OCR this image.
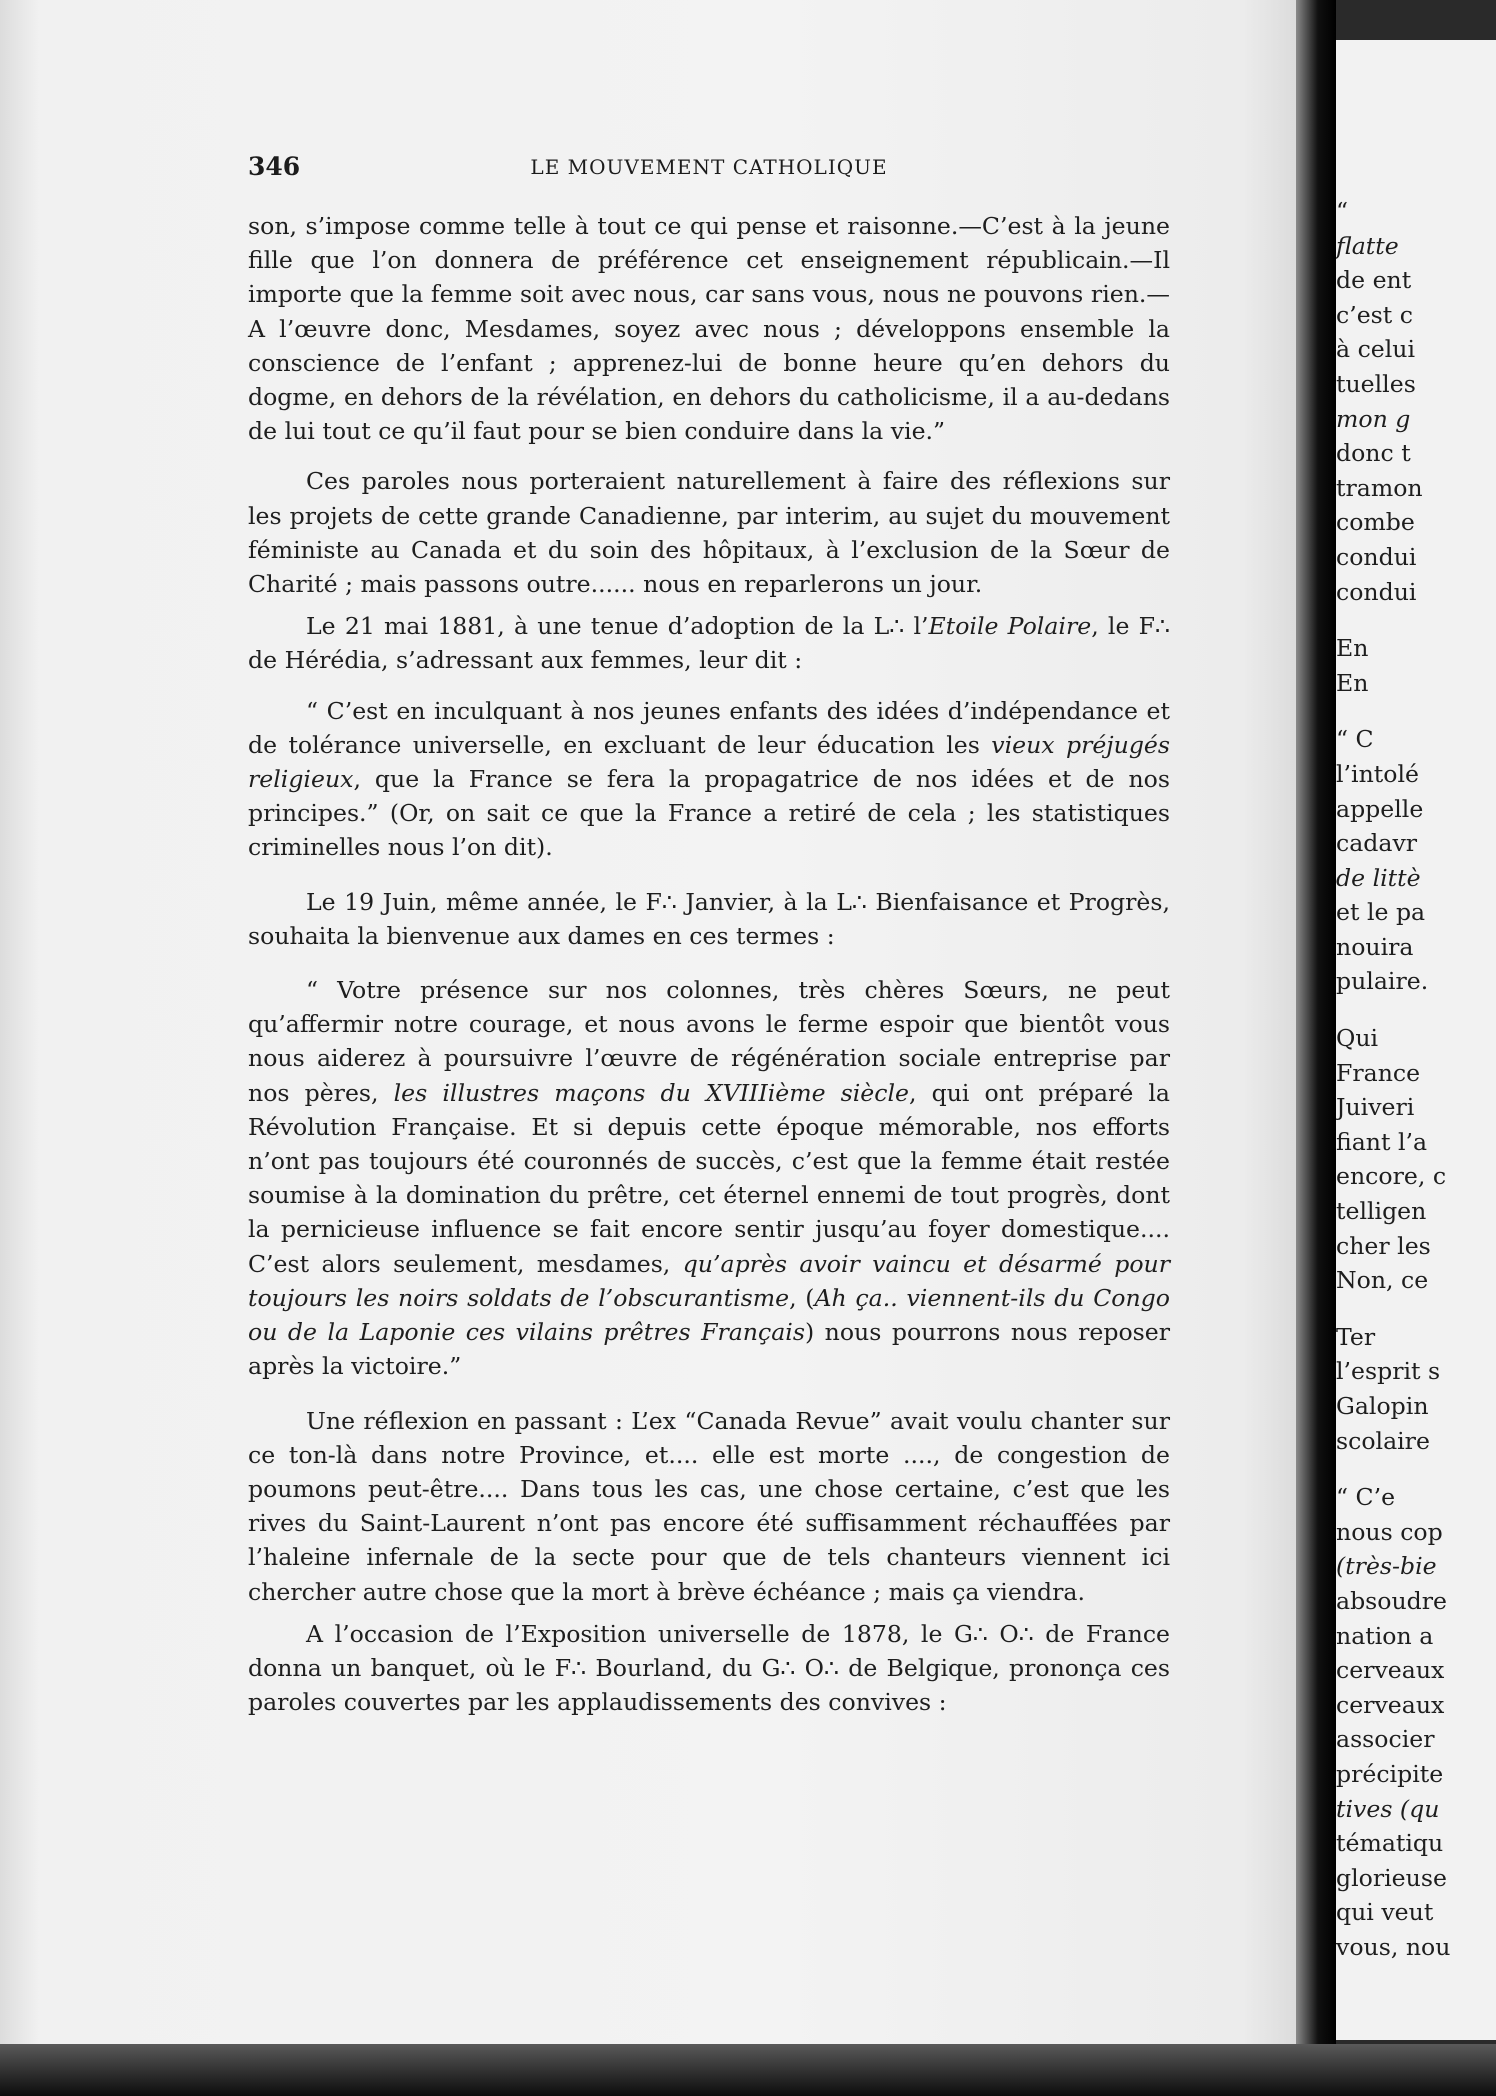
346	LE MOUVEMENT CATHOLIQUE

son, s’impose comme telle à tout ce qui pense et raisonne.—C’est à la jeune fille que l’on donnera de préférence cet enseignement républicain.—Il importe que la femme soit avec nous, car sans vous, nous ne pouvons rien.—A l’œuvre donc, Mesdames, soyez avec nous ; développons ensemble la conscience de l’enfant ; apprenez-lui de bonne heure qu’en dehors du dogme, en dehors de la révélation, en dehors du catholicisme, il a au-dedans de lui tout ce qu’il faut pour se bien conduire dans la vie.”

Ces paroles nous porteraient naturellement à faire des réflexions sur les projets de cette grande Canadienne, par interim, au sujet du mouvement féministe au Canada et du soin des hôpitaux, à l’exclusion de la Sœur de Charité ; mais passons outre...... nous en reparlerons un jour.

Le 21 mai 1881, à une tenue d’adoption de la L∴ l’Etoile Polaire, le F∴ de Hérédia, s’adressant aux femmes, leur dit :

“ C’est en inculquant à nos jeunes enfants des idées d’indépendance et de tolérance universelle, en excluant de leur éducation les vieux préjugés religieux, que la France se fera la propagatrice de nos idées et de nos principes.” (Or, on sait ce que la France a retiré de cela ; les statistiques criminelles nous l’on dit).

Le 19 Juin, même année, le F∴ Janvier, à la L∴ Bienfaisance et Progrès, souhaita la bienvenue aux dames en ces termes :

“ Votre présence sur nos colonnes, très chères Sœurs, ne peut qu’affermir notre courage, et nous avons le ferme espoir que bientôt vous nous aiderez à poursuivre l’œuvre de régénération sociale entreprise par nos pères, les illustres maçons du XVIIIième siècle, qui ont préparé la Révolution Française. Et si depuis cette époque mémorable, nos efforts n’ont pas toujours été couronnés de succès, c’est que la femme était restée soumise à la domination du prêtre, cet éternel ennemi de tout progrès, dont la pernicieuse influence se fait encore sentir jusqu’au foyer domestique.... C’est alors seulement, mesdames, qu’après avoir vaincu et désarmé pour toujours les noirs soldats de l’obscurantisme, (Ah ça.. viennent-ils du Congo ou de la Laponie ces vilains prêtres Français) nous pourrons nous reposer après la victoire.”

Une réflexion en passant : L’ex “Canada Revue” avait voulu chanter sur ce ton-là dans notre Province, et.... elle est morte ...., de congestion de poumons peut-être.... Dans tous les cas, une chose certaine, c’est que les rives du Saint-Laurent n’ont pas encore été suffisamment réchauffées par l’haleine infernale de la secte pour que de tels chanteurs viennent ici chercher autre chose que la mort à brève échéance ; mais ça viendra.

A l’occasion de l’Exposition universelle de 1878, le G∴ O∴ de France donna un banquet, où le F∴ Bourland, du G∴ O∴ de Belgique, prononça ces paroles couvertes par les applaudissements des convives :

“
flatte
de ent
c’est c
à celui
tuelles
mon g
donc t
tramon
combe
condui
condui
En
En
“ C
l’intolé
appelle
cadavr
de littè
et le pa
nouira
pulaire.
Qui
France
Juiveri
fiant l’a
encore, c
telligen
cher les
Non, ce
Ter
l’esprit s
Galopin
scolaire
“ C’e
nous cop
(très-bie
absoudre
nation a
cerveaux
cerveaux
associer
précipite
tives (qu
tématiqu
glorieuse
qui veut
vous, nou
